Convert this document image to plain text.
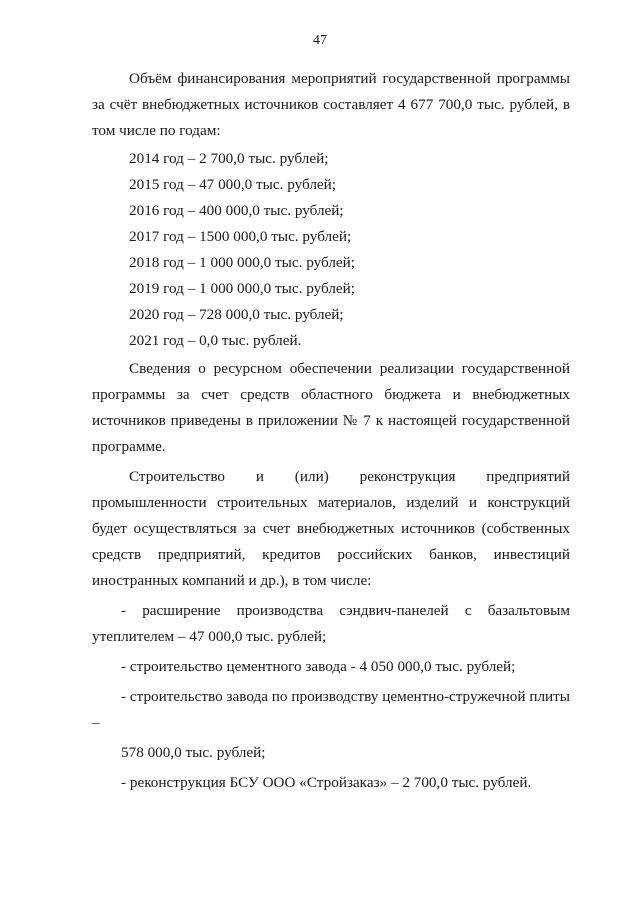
47

Объём финансирования мероприятий государственной программы за счёт внебюджетных источников составляет 4 677 700,0 тыс. рублей, в том числе по годам:

2014 год – 2 700,0 тыс. рублей;

2015 год – 47 000,0 тыс. рублей;

2016 год – 400 000,0 тыс. рублей;

2017 год – 1500 000,0 тыс. рублей;

2018 год – 1 000 000,0 тыс. рублей;

2019 год – 1 000 000,0 тыс. рублей;

2020 год – 728 000,0 тыс. рублей;

2021 год – 0,0 тыс. рублей.

Сведения о ресурсном обеспечении реализации государственной программы за счет средств областного бюджета и внебюджетных источников приведены в приложении № 7 к настоящей государственной программе.

Строительство и (или) реконструкция предприятий промышленности строительных материалов, изделий и конструкций будет осуществляться за счет внебюджетных источников (собственных средств предприятий, кредитов российских банков, инвестиций иностранных компаний и др.), в том числе:

- расширение производства сэндвич-панелей с базальтовым утеплителем – 47 000,0 тыс. рублей;

- строительство цементного завода - 4 050 000,0 тыс. рублей;

- строительство завода по производству цементно-стружечной плиты –

578 000,0 тыс. рублей;

- реконструкция БСУ ООО «Стройзаказ» – 2 700,0 тыс. рублей.
